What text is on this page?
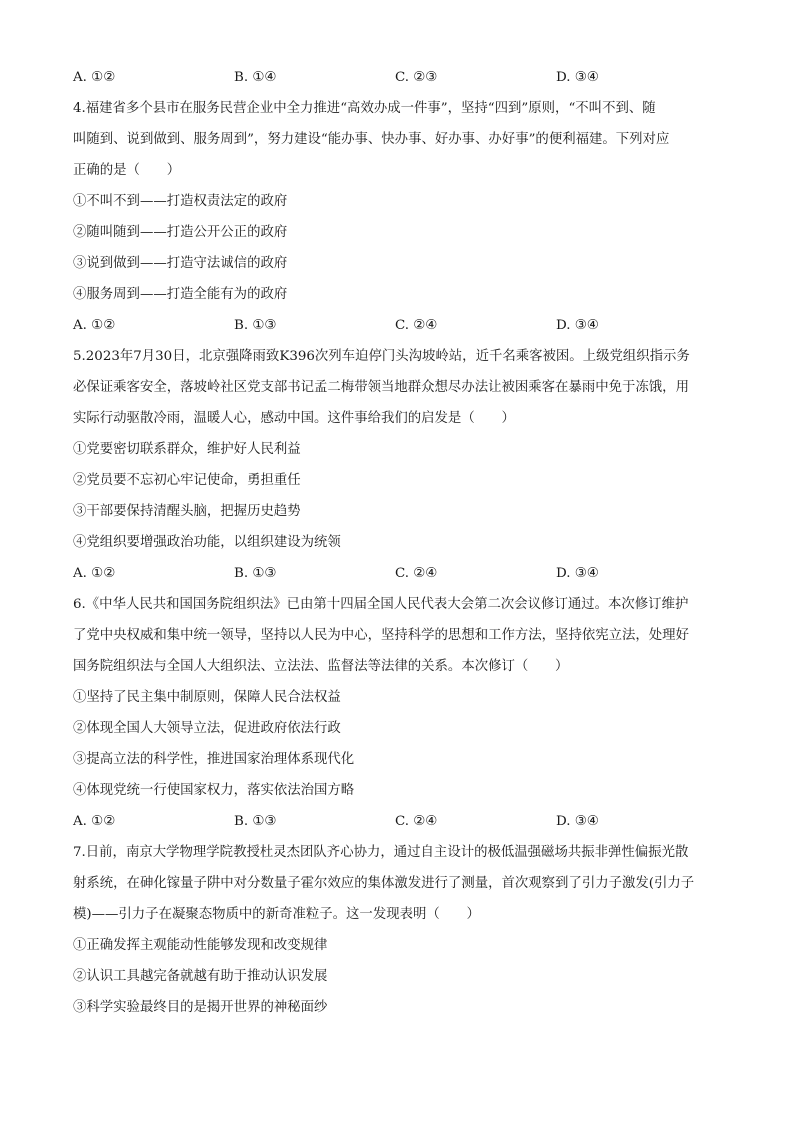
A. ①②	B. ①④	C. ②③	D. ③④
4.福建省多个县市在服务民营企业中全力推进“高效办成一件事”，坚持“四到”原则，“不叫不到、随
叫随到、说到做到、服务周到”，努力建设“能办事、快办事、好办事、办好事”的便利福建。下列对应
正确的是（　　）
①不叫不到——打造权责法定的政府
②随叫随到——打造公开公正的政府
③说到做到——打造守法诚信的政府
④服务周到——打造全能有为的政府
A. ①②	B. ①③	C. ②④	D. ③④
5.2023年7月30日，北京强降雨致K396次列车迫停门头沟坡岭站，近千名乘客被困。上级党组织指示务
必保证乘客安全，落坡岭社区党支部书记孟二梅带领当地群众想尽办法让被困乘客在暴雨中免于冻饿，用
实际行动驱散冷雨，温暖人心，感动中国。这件事给我们的启发是（　　）
①党要密切联系群众，维护好人民利益
②党员要不忘初心牢记使命，勇担重任
③干部要保持清醒头脑，把握历史趋势
④党组织要增强政治功能，以组织建设为统领
A. ①②	B. ①③	C. ②④	D. ③④
6.《中华人民共和国国务院组织法》已由第十四届全国人民代表大会第二次会议修订通过。本次修订维护
了党中央权威和集中统一领导，坚持以人民为中心，坚持科学的思想和工作方法，坚持依宪立法，处理好
国务院组织法与全国人大组织法、立法法、监督法等法律的关系。本次修订（　　）
①坚持了民主集中制原则，保障人民合法权益
②体现全国人大领导立法，促进政府依法行政
③提高立法的科学性，推进国家治理体系现代化
④体现党统一行使国家权力，落实依法治国方略
A. ①②	B. ①③	C. ②④	D. ③④
7.日前，南京大学物理学院教授杜灵杰团队齐心协力，通过自主设计的极低温强磁场共振非弹性偏振光散
射系统，在砷化镓量子阱中对分数量子霍尔效应的集体激发进行了测量，首次观察到了引力子激发(引力子
模)——引力子在凝聚态物质中的新奇准粒子。这一发现表明（　　）
①正确发挥主观能动性能够发现和改变规律
②认识工具越完备就越有助于推动认识发展
③科学实验最终目的是揭开世界的神秘面纱
